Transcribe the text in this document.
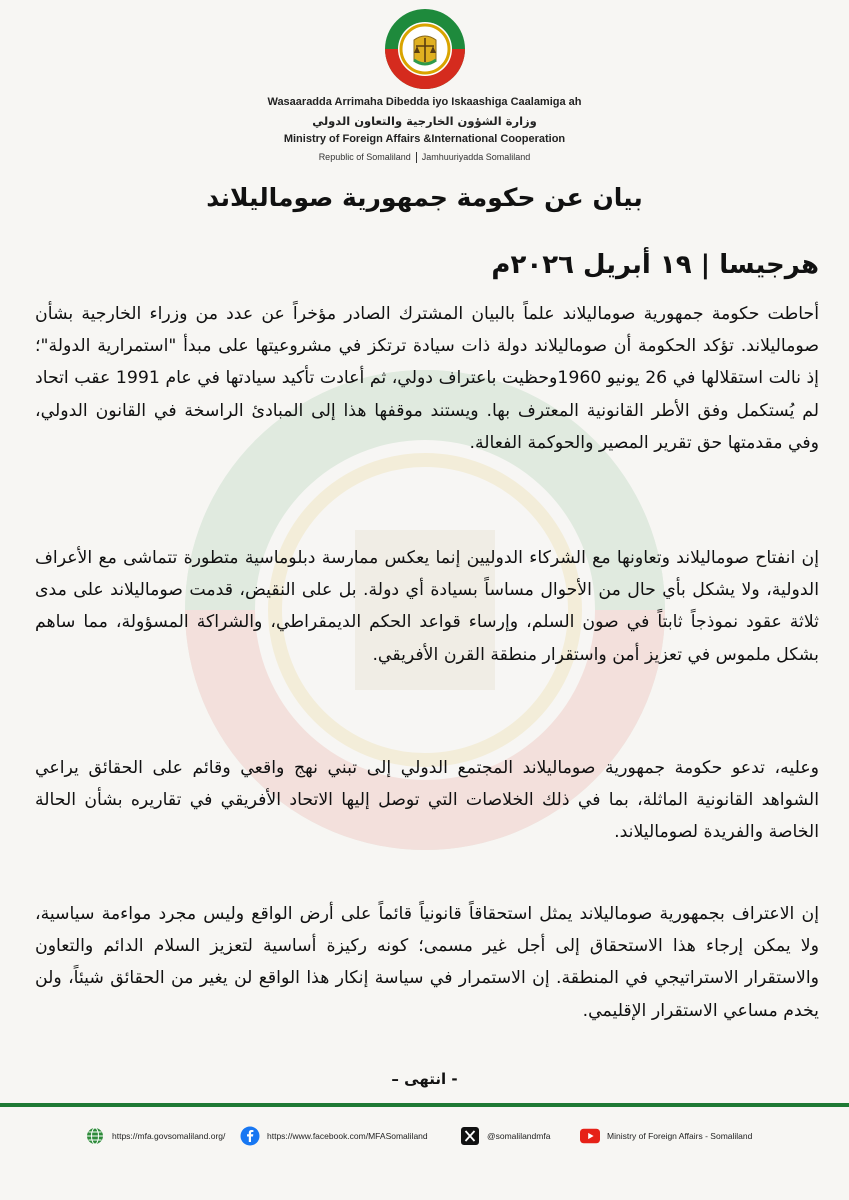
Wasaaradda Arrimaha Dibedda iyo Iskaashiga Caalamiga ah
وزارة الشؤون الخارجية والتعاون الدولي
Ministry of Foreign Affairs &International Cooperation
Republic of Somaliland Jamhuuriyadda Somaliland
بيان عن حكومة جمهورية صوماليلاند
هرجيسا | ١٩ أبريل ٢٠٢٦م
أحاطت حكومة جمهورية صوماليلاند علماً بالبيان المشترك الصادر مؤخراً عن عدد من وزراء الخارجية بشأن صوماليلاند. تؤكد الحكومة أن صوماليلاند دولة ذات سيادة ترتكز في مشروعيتها على مبدأ "استمرارية الدولة"؛ إذ نالت استقلالها في 26 يونيو 1960وحظيت باعتراف دولي، ثم أعادت تأكيد سيادتها في عام 1991 عقب اتحاد لم يُستكمل وفق الأطر القانونية المعترف بها. ويستند موقفها هذا إلى المبادئ الراسخة في القانون الدولي، وفي مقدمتها حق تقرير المصير والحوكمة الفعالة.
إن انفتاح صوماليلاند وتعاونها مع الشركاء الدوليين إنما يعكس ممارسة دبلوماسية متطورة تتماشى مع الأعراف الدولية، ولا يشكل بأي حال من الأحوال مساساً بسيادة أي دولة. بل على النقيض، قدمت صوماليلاند على مدى ثلاثة عقود نموذجاً ثابتاً في صون السلم، وإرساء قواعد الحكم الديمقراطي، والشراكة المسؤولة، مما ساهم بشكل ملموس في تعزيز أمن واستقرار منطقة القرن الأفريقي.
وعليه، تدعو حكومة جمهورية صوماليلاند المجتمع الدولي إلى تبني نهج واقعي وقائم على الحقائق يراعي الشواهد القانونية الماثلة، بما في ذلك الخلاصات التي توصل إليها الاتحاد الأفريقي في تقاريره بشأن الحالة الخاصة والفريدة لصوماليلاند.
إن الاعتراف بجمهورية صوماليلاند يمثل استحقاقاً قانونياً قائماً على أرض الواقع وليس مجرد مواءمة سياسية، ولا يمكن إرجاء هذا الاستحقاق إلى أجل غير مسمى؛ كونه ركيزة أساسية لتعزيز السلام الدائم والتعاون والاستقرار الاستراتيجي في المنطقة. إن الاستمرار في سياسة إنكار هذا الواقع لن يغير من الحقائق شيئاً، ولن يخدم مساعي الاستقرار الإقليمي.
- انتهى –
https://mfa.govsomaliland.org/	https://www.facebook.com/MFASomaliland	@somalilandmfa	Ministry of Foreign Affairs - Somaliland
